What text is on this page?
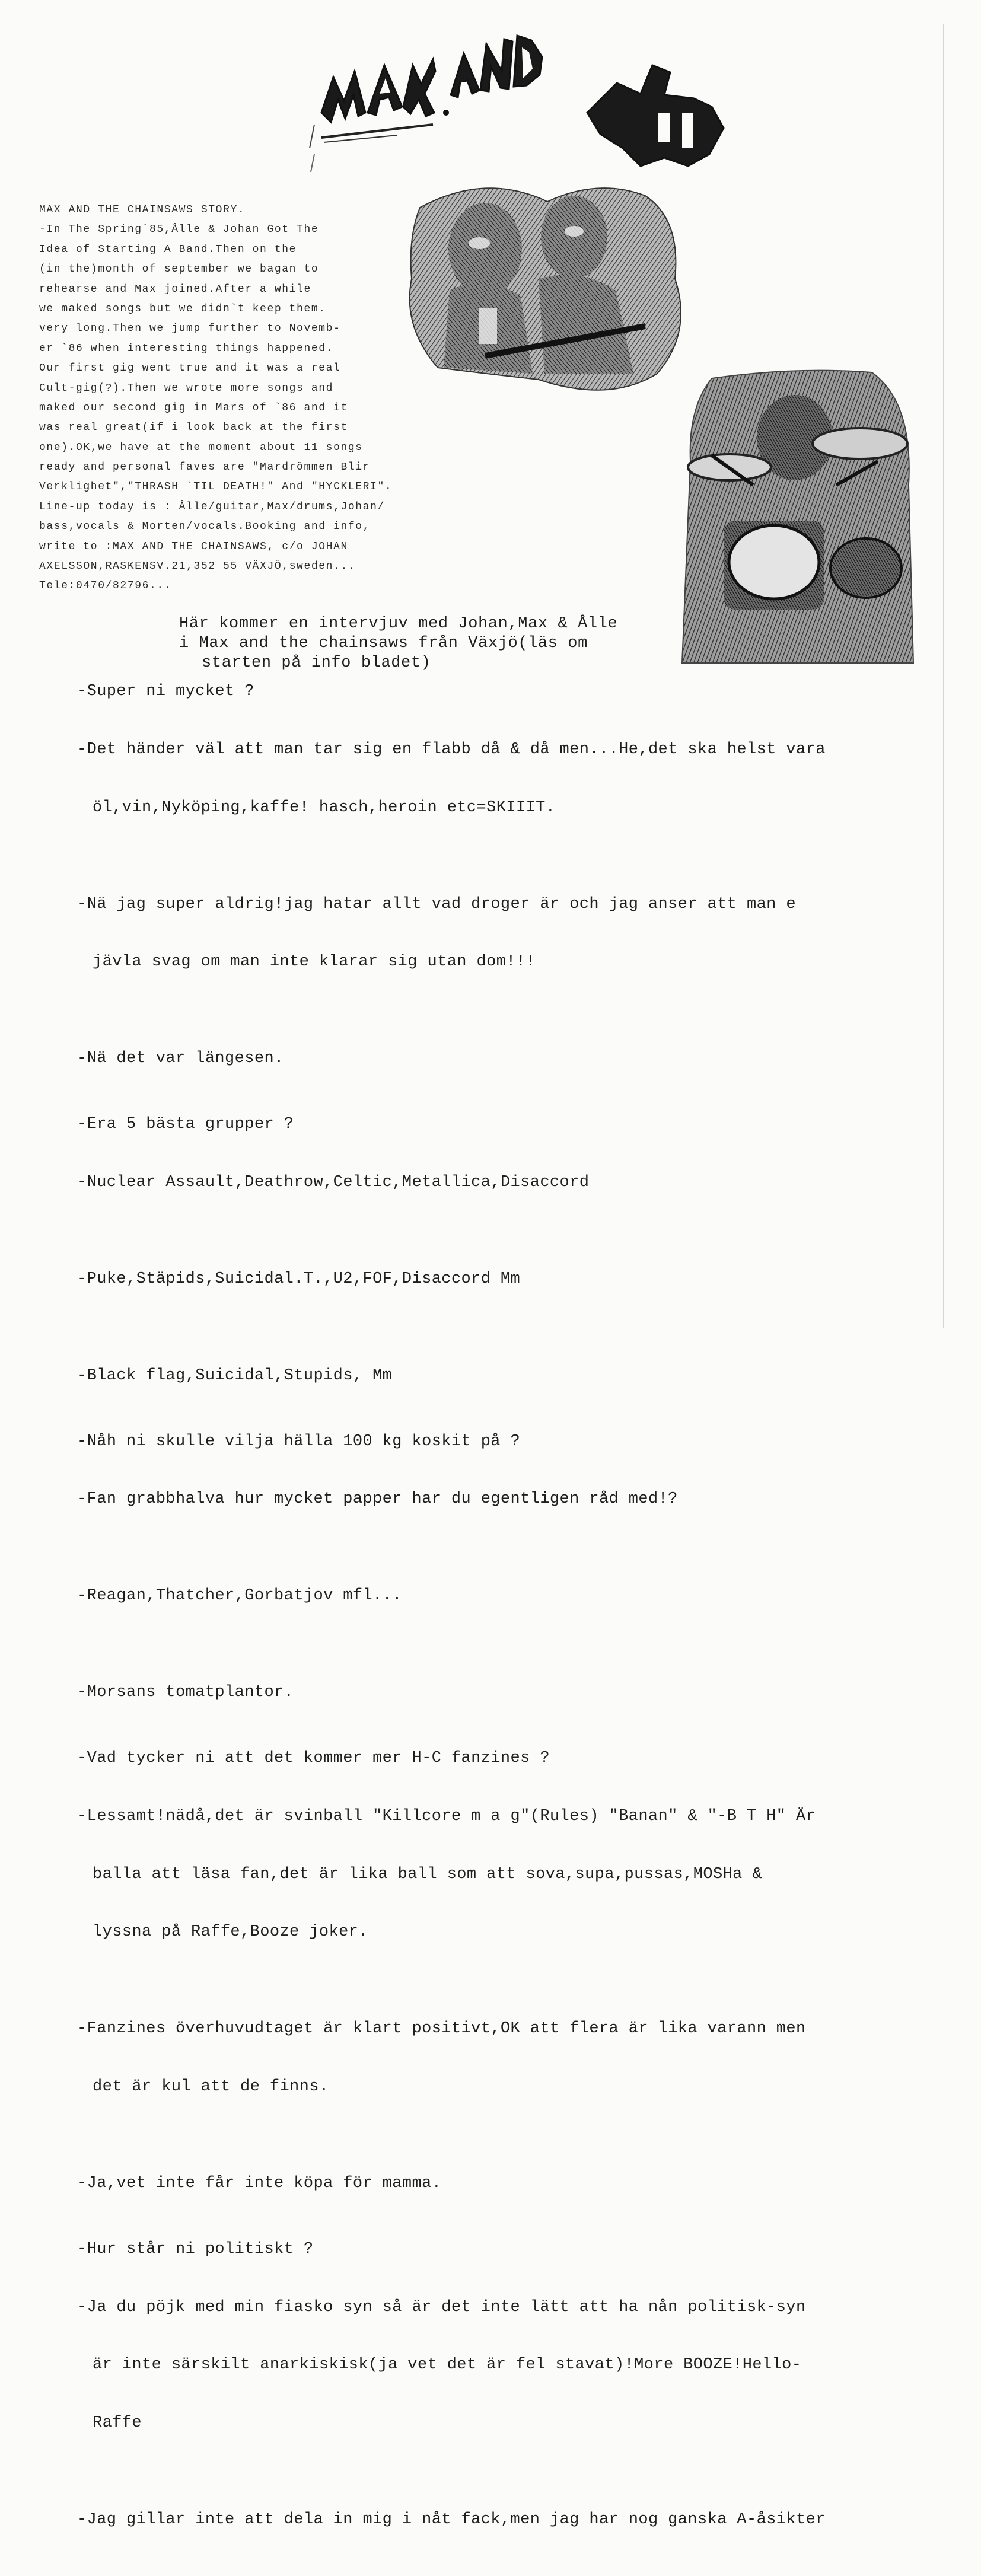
MAX AND THE CHAINSAWS STORY.
-In The Spring`85,Ålle & Johan Got The
Idea of Starting A Band.Then on the
(in the)month of september we bagan to
rehearse and Max joined.After a while
we maked songs but we didn`t keep them.
very long.Then we jump further to Novemb-
er `86 when interesting things happened.
Our first gig went true and it was a real
Cult-gig(?).Then we wrote more songs and
maked our second gig in Mars of `86 and it
was real great(if i look back at the first
one).OK,we have at the moment about 11 songs
ready and personal faves are "Mardrömmen Blir
Verklighet","THRASH `TIL DEATH!" And "HYCKLERI".
Line-up today is : Ålle/guitar,Max/drums,Johan/
bass,vocals & Morten/vocals.Booking and info,
write to :MAX AND THE CHAINSAWS, c/o JOHAN
AXELSSON,RASKENSV.21,352 55 VÄXJÖ,sweden...
Tele:0470/82796...
Här kommer en intervjuv med Johan,Max & Ålle
i Max and the chainsaws från Växjö(läs om
starten på info bladet)
-Super ni mycket ?

-Det händer väl att man tar sig en flabb då & då men...He,det ska helst vara

öl,vin,Nyköping,kaffe! hasch,heroin etc=SKIIIT.

-Nä jag super aldrig!jag hatar allt vad droger är och jag anser att man e

jävla svag om man inte klarar sig utan dom!!!

-Nä det var längesen.

-Era 5 bästa grupper ?

-Nuclear Assault,Deathrow,Celtic,Metallica,Disaccord

-Puke,Stäpids,Suicidal.T.,U2,FOF,Disaccord Mm

-Black flag,Suicidal,Stupids, Mm

-Nåh ni skulle vilja hälla 100 kg koskit på ?

-Fan grabbhalva hur mycket papper har du egentligen råd med!?

-Reagan,Thatcher,Gorbatjov mfl...

-Morsans tomatplantor.

-Vad tycker ni att det kommer mer H-C fanzines ?

-Lessamt!nädå,det är svinball "Killcore m a g"(Rules) "Banan" & "-B T H" Är

balla att läsa fan,det är lika ball som att sova,supa,pussas,MOSHa &

lyssna på Raffe,Booze joker.

-Fanzines överhuvudtaget är klart positivt,OK att flera är lika varann men

det är kul att de finns.

-Ja,vet inte får inte köpa för mamma.

-Hur står ni politiskt ?

-Ja du pöjk med min fiasko syn så är det inte lätt att ha nån politisk-syn

är inte särskilt anarkiskisk(ja vet det är fel stavat)!More BOOZE!Hello-

Raffe

-Jag gillar inte att dela in mig i nåt fack,men jag har nog ganska A-åsikter
